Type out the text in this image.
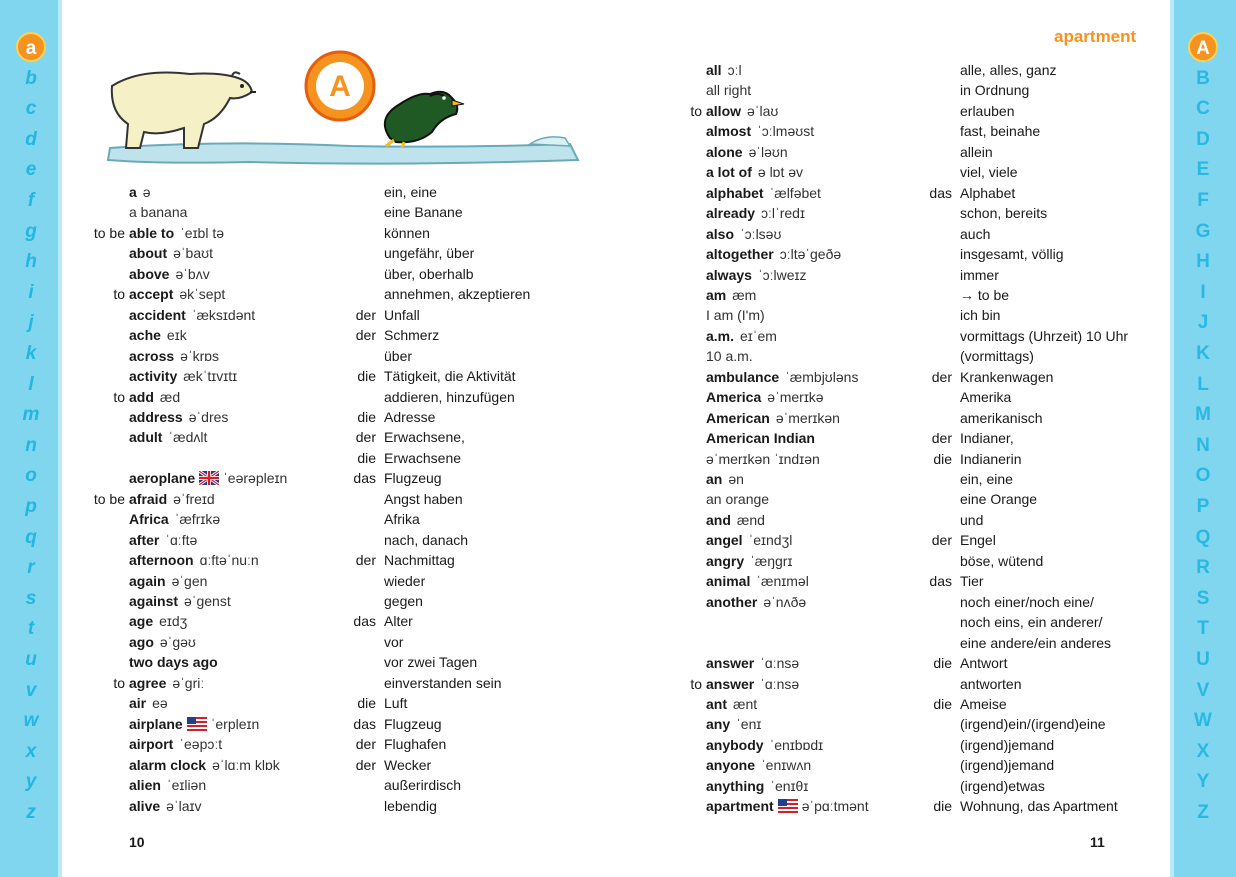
a
b
c
d
e
f
g
h
i
j
k
l
m
n
o
p
q
r
s
t
u
v
w
x
y
z
A
B
C
D
E
F
G
H
I
J
K
L
M
N
O
P
Q
R
S
T
U
V
W
X
Y
Z
apartment
A
a ə	ein, eine
a banana	eine Banane
to be able to ˈeɪbl tə	können
about əˈbaʊt	ungefähr, über
above əˈbʌv	über, oberhalb
to accept əkˈsept	annehmen, akzeptieren
accident ˈæksɪdənt	der Unfall
ache eɪk	der Schmerz
across əˈkrɒs	über
activity ækˈtɪvɪtɪ	die Tätigkeit, die Aktivität
to add æd	addieren, hinzufügen
address əˈdres	die Adresse
adult ˈædʌlt	der Erwachsene,
die Erwachsene
aeroplane ˈeərəpleɪn	das Flugzeug
to be afraid əˈfreɪd	Angst haben
Africa ˈæfrɪkə	Afrika
after ˈɑːftə	nach, danach
afternoon ɑːftəˈnuːn	der Nachmittag
again əˈgen	wieder
against əˈgenst	gegen
age eɪdʒ	das Alter
ago əˈgəʊ	vor
two days ago	vor zwei Tagen
to agree əˈgriː	einverstanden sein
air eə	die Luft
airplane ˈerpleɪn	das Flugzeug
airport ˈeəpɔːt	der Flughafen
alarm clock əˈlɑːm klɒk	der Wecker
alien ˈeɪliən	außerirdisch
alive əˈlaɪv	lebendig
all ɔːl	alle, alles, ganz
all right	in Ordnung
to allow əˈlaʊ	erlauben
almost ˈɔːlməʊst	fast, beinahe
alone əˈləʊn	allein
a lot of ə lɒt əv	viel, viele
alphabet ˈælfəbet	das Alphabet
already ɔːlˈredɪ	schon, bereits
also ˈɔːlsəʊ	auch
altogether ɔːltəˈgeðə	insgesamt, völlig
always ˈɔːlweɪz	immer
am æm	→ to be
I am (I'm)	ich bin
a.m. eɪˈem	vormittags (Uhrzeit) 10 Uhr
10 a.m.	(vormittags)
ambulance ˈæmbjʊləns	der Krankenwagen
America əˈmerɪkə	Amerika
American əˈmerɪkən	amerikanisch
American Indian	der Indianer,
əˈmerɪkən ˈɪndɪən	die Indianerin
an ən	ein, eine
an orange	eine Orange
and ænd	und
angel ˈeɪndʒl	der Engel
angry ˈæŋgrɪ	böse, wütend
animal ˈænɪməl	das Tier
another əˈnʌðə	noch einer/noch eine/
noch eins, ein anderer/
eine andere/ein anderes
answer ˈɑːnsə	die Antwort
to answer ˈɑːnsə	antworten
ant ænt	die Ameise
any ˈenɪ	(irgend)ein/(irgend)eine
anybody ˈenɪbɒdɪ	(irgend)jemand
anyone ˈenɪwʌn	(irgend)jemand
anything ˈenɪθɪ	(irgend)etwas
apartment əˈpɑːtmənt	die Wohnung, das Apartment
10	11
